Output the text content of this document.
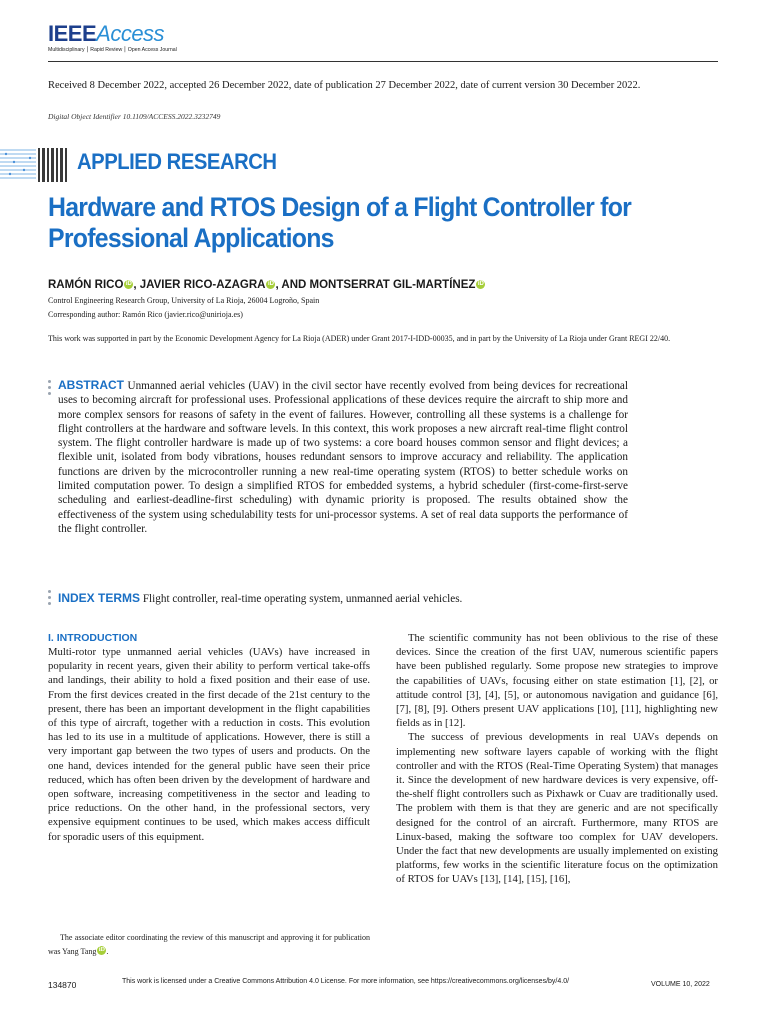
IEEEAccess
Multidisciplinary ⎮ Rapid Review ⎮ Open Access Journal
Received 8 December 2022, accepted 26 December 2022, date of publication 27 December 2022, date of current version 30 December 2022.
Digital Object Identifier 10.1109/ACCESS.2022.3232749
APPLIED RESEARCH
Hardware and RTOS Design of a Flight Controller for Professional Applications
RAMÓN RICO iD , JAVIER RICO-AZAGRA iD , AND MONTSERRAT GIL-MARTÍNEZ iD
Control Engineering Research Group, University of La Rioja, 26004 Logroño, Spain
Corresponding author: Ramón Rico (javier.rico@unirioja.es)
This work was supported in part by the Economic Development Agency for La Rioja (ADER) under Grant 2017-I-IDD-00035, and in part by the University of La Rioja under Grant REGI 22/40.
ABSTRACT Unmanned aerial vehicles (UAV) in the civil sector have recently evolved from being devices for recreational uses to becoming aircraft for professional uses. Professional applications of these devices require the aircraft to ship more and more complex sensors for reasons of safety in the event of failures. However, controlling all these systems is a challenge for flight controllers at the hardware and software levels. In this context, this work proposes a new aircraft real-time flight control system. The flight controller hardware is made up of two systems: a core board houses common sensor and flight devices; a flexible unit, isolated from body vibrations, houses redundant sensors to improve accuracy and reliability. The application functions are driven by the microcontroller running a new real-time operating system (RTOS) to better schedule works on limited computation power. To design a simplified RTOS for embedded systems, a hybrid scheduler (first-come-first-serve scheduling and earliest-deadline-first scheduling) with dynamic priority is proposed. The results obtained show the effectiveness of the system using schedulability tests for uni-processor systems. A set of real data supports the performance of the flight controller.
INDEX TERMS Flight controller, real-time operating system, unmanned aerial vehicles.
I. INTRODUCTION

Multi-rotor type unmanned aerial vehicles (UAVs) have increased in popularity in recent years, given their ability to perform vertical take-offs and landings, their ability to hold a fixed position and their ease of use. From the first devices created in the first decade of the 21st century to the present, there has been an important development in the flight capabilities of this type of aircraft, together with a reduction in costs. This evolution has led to its use in a multitude of applications. However, there is still a very important gap between the two types of users and products. On the one hand, devices intended for the general public have seen their price reduced, which has often been driven by the development of hardware and open software, increasing competitiveness in the sector and leading to price reductions. On the other hand, in the professional sectors, very expensive equipment continues to be used, which makes access difficult for sporadic users of this equipment.

The scientific community has not been oblivious to the rise of these devices. Since the creation of the first UAV, numerous scientific papers have been published regularly. Some propose new strategies to improve the capabilities of UAVs, focusing either on state estimation [1], [2], or attitude control [3], [4], [5], or autonomous navigation and guidance [6], [7], [8], [9]. Others present UAV applications [10], [11], highlighting new fields as in [12].

The success of previous developments in real UAVs depends on implementing new software layers capable of working with the flight controller and with the RTOS (Real-Time Operating System) that manages it. Since the development of new hardware devices is very expensive, off-the-shelf flight controllers such as Pixhawk or Cuav are traditionally used. The problem with them is that they are generic and are not specifically designed for the control of an aircraft. Furthermore, many RTOS are Linux-based, making the software too complex for UAV developers. Under the fact that new developments are usually implemented on existing platforms, few works in the scientific literature focus on the optimization of RTOS for UAVs [13], [14], [15], [16],

The associate editor coordinating the review of this manuscript and approving it for publication was Yang Tang iD .
134870	This work is licensed under a Creative Commons Attribution 4.0 License. For more information, see https://creativecommons.org/licenses/by/4.0/	VOLUME 10, 2022
